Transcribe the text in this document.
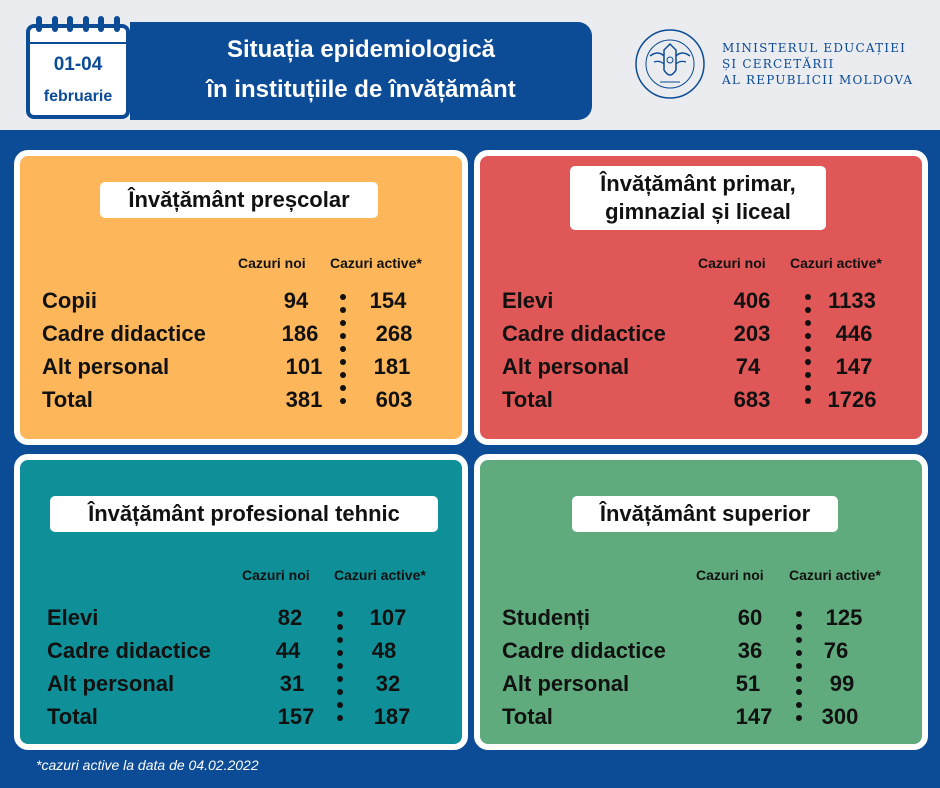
01-04
februarie
Situația epidemiologică
în instituțiile de învățământ
MINISTERUL EDUCAȚIEI
ȘI CERCETĂRII
AL REPUBLICII MOLDOVA
Învățământ preșcolar
Cazuri noi Cazuri active*
Copii
Cadre didactice
Alt personal
Total
94
186
101
381
154
268
181
603
Învățământ primar,
gimnazial și liceal
Cazuri noi Cazuri active*
Elevi
Cadre didactice
Alt personal
Total
406
203
74
683
1133
446
147
1726
Învățământ profesional tehnic
Cazuri noi Cazuri active*
Elevi
Cadre didactice
Alt personal
Total
82
44
31
157
107
48
32
187
Învățământ superior
Cazuri noi Cazuri active*
Studenți
Cadre didactice
Alt personal
Total
60
36
51
147
125
76
99
300
*cazuri active la data de 04.02.2022
